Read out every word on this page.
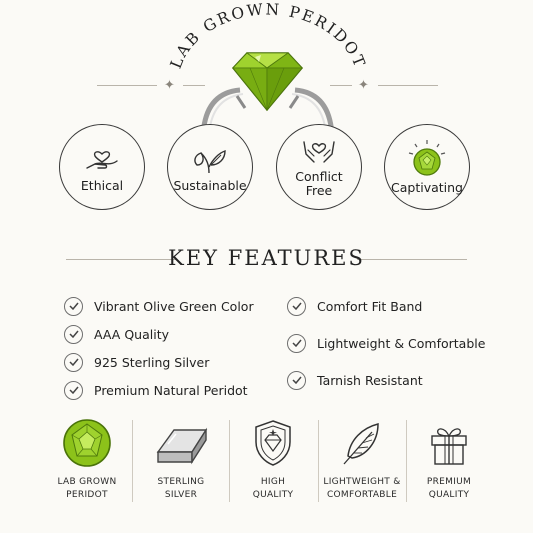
LAB GROWN PERIDOT
✦	✦
Ethical	Sustainable
Conflict
Free	Captivating
KEY FEATURES
Vibrant Olive Green Color
AAA Quality
925 Sterling Silver
Premium Natural Peridot
Comfort Fit Band
Lightweight & Comfortable
Tarnish Resistant
LAB GROWN
PERIDOT
STERLING
SILVER
HIGH
QUALITY
LIGHTWEIGHT &
COMFORTABLE
PREMIUM
QUALITY
